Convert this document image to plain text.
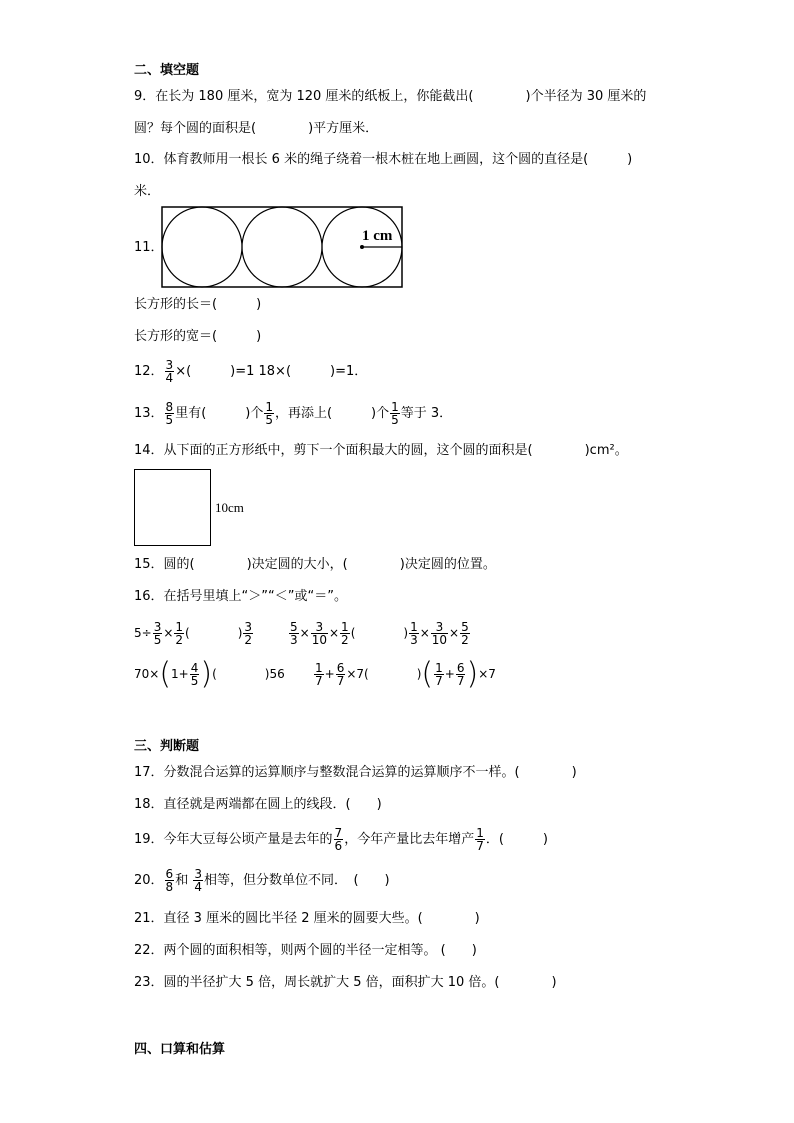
二、填空题
9．在长为 180 厘米，宽为 120 厘米的纸板上，你能截出(　　　　)个半径为 30 厘米的
圆？每个圆的面积是(　　　　)平方厘米．
10．体育教师用一根长 6 米的绳子绕着一根木桩在地上画圆，这个圆的直径是(　　　)
米．
11．
1 cm
长方形的长＝(　　　)
长方形的宽＝(　　　)
12． $\frac{3}{4}$ ×(　　　)=1 18×(　　　)=1．
13． $\frac{8}{5}$ 里有(　　　)个 $\frac{1}{5}$ ，再添上(　　　)个 $\frac{1}{5}$ 等于 3．
14．从下面的正方形纸中，剪下一个面积最大的圆，这个圆的面积是(　　　　)cm²。
10cm
15．圆的(　　　　)决定圆的大小，(　　　　)决定圆的位置。
16．在括号里填上“＞”“＜”或“＝”。
$5\div \frac{3}{5} \times \frac{1}{2}$ (　　　　) $\frac{3}{2}$	$\frac{5}{3} \times \frac{3}{10} \times \frac{1}{2}$ (　　　　) $\frac{1}{3} \times \frac{3}{10} \times \frac{5}{2}$
$70\times(1+ \frac{4}{5}$ )(　　　　)$56 \frac{1}{7} + \frac{6}{7} \times 7$(　　　　)( $\frac{1}{7} + \frac{6}{7} )\times 7$
三、判断题
17．分数混合运算的运算顺序与整数混合运算的运算顺序不一样。(　　　　)
18．直径就是两端都在圆上的线段．(　　)
19．今年大豆每公顷产量是去年的 $\frac{7}{6}$ ，今年产量比去年增产 $\frac{1}{7}$ ．(　　　)
20． $\frac{6}{8}$ 和 $\frac{3}{4}$ 相等，但分数单位不同．　(　　)
21．直径 3 厘米的圆比半径 2 厘米的圆要大些。(　　　　)
22．两个圆的面积相等，则两个圆的半径一定相等。 (　　)
23．圆的半径扩大 5 倍，周长就扩大 5 倍，面积扩大 10 倍。(　　　　)
四、口算和估算
